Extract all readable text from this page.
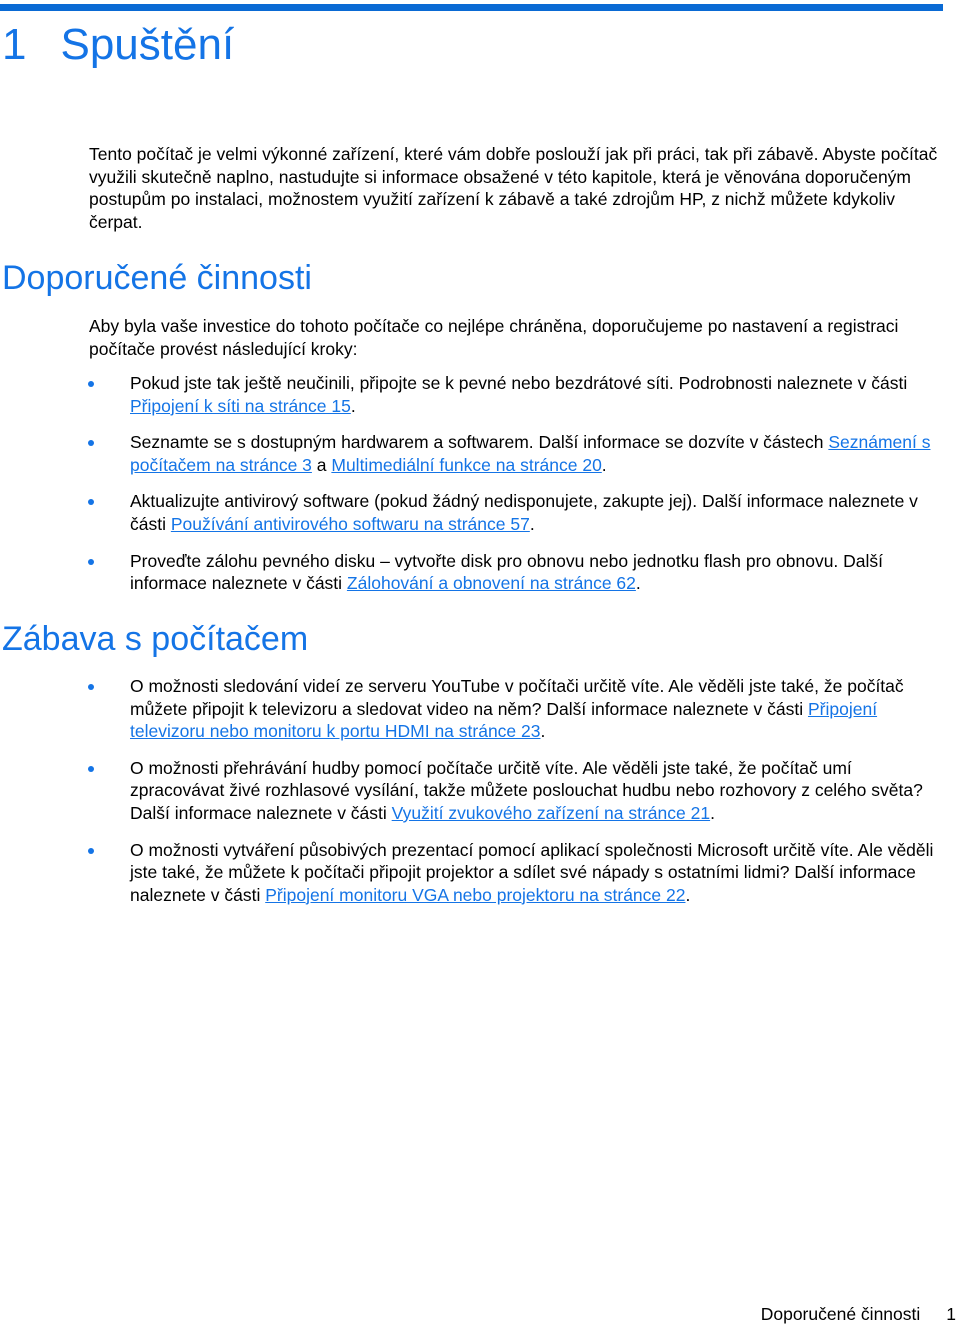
1 Spuštění

Tento počítač je velmi výkonné zařízení, které vám dobře poslouží jak při práci, tak při zábavě. Abyste počítač využili skutečně naplno, nastudujte si informace obsažené v této kapitole, která je věnována doporučeným postupům po instalaci, možnostem využití zařízení k zábavě a také zdrojům HP, z nichž můžete kdykoliv čerpat.

Doporučené činnosti

Aby byla vaše investice do tohoto počítače co nejlépe chráněna, doporučujeme po nastavení a registraci počítače provést následující kroky:

Pokud jste tak ještě neučinili, připojte se k pevné nebo bezdrátové síti. Podrobnosti naleznete v části Připojení k síti na stránce 15.
Seznamte se s dostupným hardwarem a softwarem. Další informace se dozvíte v částech Seznámení s počítačem na stránce 3 a Multimediální funkce na stránce 20.
Aktualizujte antivirový software (pokud žádný nedisponujete, zakupte jej). Další informace naleznete v části Používání antivirového softwaru na stránce 57.
Proveďte zálohu pevného disku – vytvořte disk pro obnovu nebo jednotku flash pro obnovu. Další informace naleznete v části Zálohování a obnovení na stránce 62.
Zábava s počítačem
O možnosti sledování videí ze serveru YouTube v počítači určitě víte. Ale věděli jste také, že počítač můžete připojit k televizoru a sledovat video na něm? Další informace naleznete v části Připojení televizoru nebo monitoru k portu HDMI na stránce 23.
O možnosti přehrávání hudby pomocí počítače určitě víte. Ale věděli jste také, že počítač umí zpracovávat živé rozhlasové vysílání, takže můžete poslouchat hudbu nebo rozhovory z celého světa? Další informace naleznete v části Využití zvukového zařízení na stránce 21.
O možnosti vytváření působivých prezentací pomocí aplikací společnosti Microsoft určitě víte. Ale věděli jste také, že můžete k počítači připojit projektor a sdílet své nápady s ostatními lidmi? Další informace naleznete v části Připojení monitoru VGA nebo projektoru na stránce 22.
Doporučené činnosti 1
